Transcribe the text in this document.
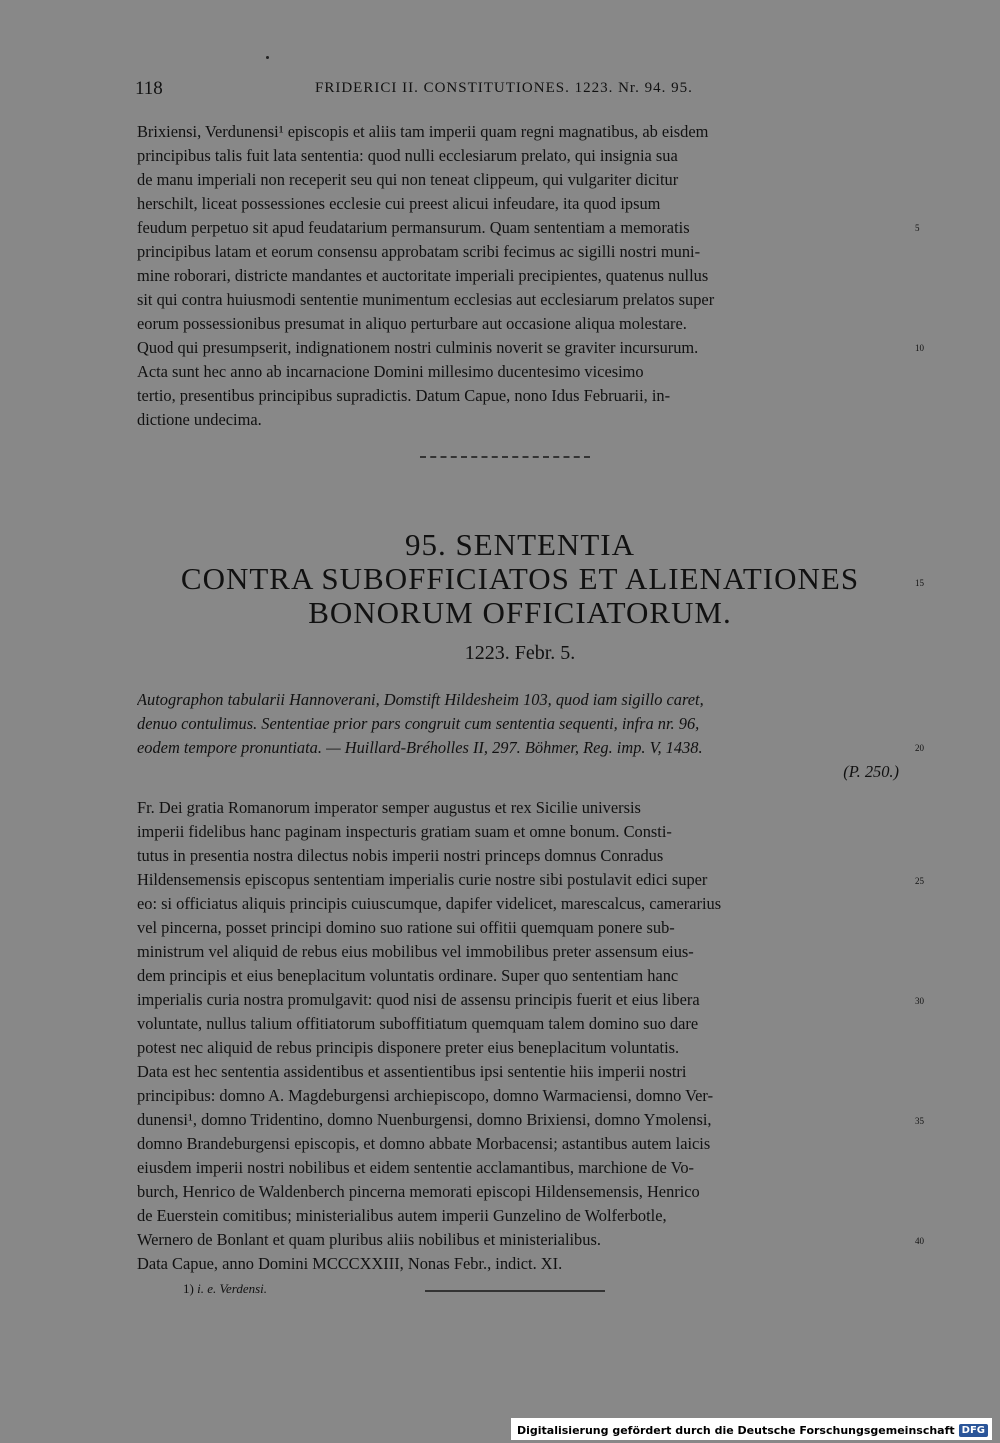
118	FRIDERICI II. CONSTITUTIONES. 1223. Nr. 94. 95.
Brixiensi, Verdunensi¹ episcopis et aliis tam imperii quam regni magnatibus, ab eisdem
principibus talis fuit lata sententia: quod nulli ecclesiarum prelato, qui insignia sua
de manu imperiali non receperit seu qui non teneat clippeum, qui vulgariter dicitur
herschilt, liceat possessiones ecclesie cui preest alicui infeudare, ita quod ipsum
feudum perpetuo sit apud feudatarium permansurum. Quam sententiam a memoratis
principibus latam et eorum consensu approbatam scribi fecimus ac sigilli nostri muni-
mine roborari, districte mandantes et auctoritate imperiali precipientes, quatenus nullus
sit qui contra huiusmodi sententie munimentum ecclesias aut ecclesiarum prelatos super
eorum possessionibus presumat in aliquo perturbare aut occasione aliqua molestare.
Quod qui presumpserit, indignationem nostri culminis noverit se graviter incursurum.
Acta sunt hec anno ab incarnacione Domini millesimo ducentesimo vicesimo
tertio, presentibus principibus supradictis. Datum Capue, nono Idus Februarii, in-
dictione undecima.
5
10
95. SENTENTIA
CONTRA SUBOFFICIATOS ET ALIENATIONES
BONORUM OFFICIATORUM.
15
1223. Febr. 5.
Autographon tabularii Hannoverani, Domstift Hildesheim 103, quod iam sigillo caret,
denuo contulimus. Sententiae prior pars congruit cum sententia sequenti, infra nr. 96,
eodem tempore pronuntiata. — Huillard-Bréholles II, 297. Böhmer, Reg. imp. V, 1438.
(P. 250.)
20
Fr. Dei gratia Romanorum imperator semper augustus et rex Sicilie universis
imperii fidelibus hanc paginam inspecturis gratiam suam et omne bonum. Consti-
tutus in presentia nostra dilectus nobis imperii nostri princeps domnus Conradus
Hildensemensis episcopus sententiam imperialis curie nostre sibi postulavit edici super
eo: si officiatus aliquis principis cuiuscumque, dapifer videlicet, marescalcus, camerarius
vel pincerna, posset principi domino suo ratione sui offitii quemquam ponere sub-
ministrum vel aliquid de rebus eius mobilibus vel immobilibus preter assensum eius-
dem principis et eius beneplacitum voluntatis ordinare. Super quo sententiam hanc
imperialis curia nostra promulgavit: quod nisi de assensu principis fuerit et eius libera
voluntate, nullus talium offitiatorum suboffitiatum quemquam talem domino suo dare
potest nec aliquid de rebus principis disponere preter eius beneplacitum voluntatis.
Data est hec sententia assidentibus et assentientibus ipsi sententie hiis imperii nostri
principibus: domno A. Magdeburgensi archiepiscopo, domno Warmaciensi, domno Ver-
dunensi¹, domno Tridentino, domno Nuenburgensi, domno Brixiensi, domno Ymolensi,
domno Brandeburgensi episcopis, et domno abbate Morbacensi; astantibus autem laicis
eiusdem imperii nostri nobilibus et eidem sententie acclamantibus, marchione de Vo-
burch, Henrico de Waldenberch pincerna memorati episcopi Hildensemensis, Henrico
de Euerstein comitibus; ministerialibus autem imperii Gunzelino de Wolferbotle,
Wernero de Bonlant et quam pluribus aliis nobilibus et ministerialibus.
Data Capue, anno Domini MCCCXXIII, Nonas Febr., indict. XI.
25
30
35
40
1) i. e. Verdensi.
Digitalisierung gefördert durch die Deutsche Forschungsgemeinschaft DFG
